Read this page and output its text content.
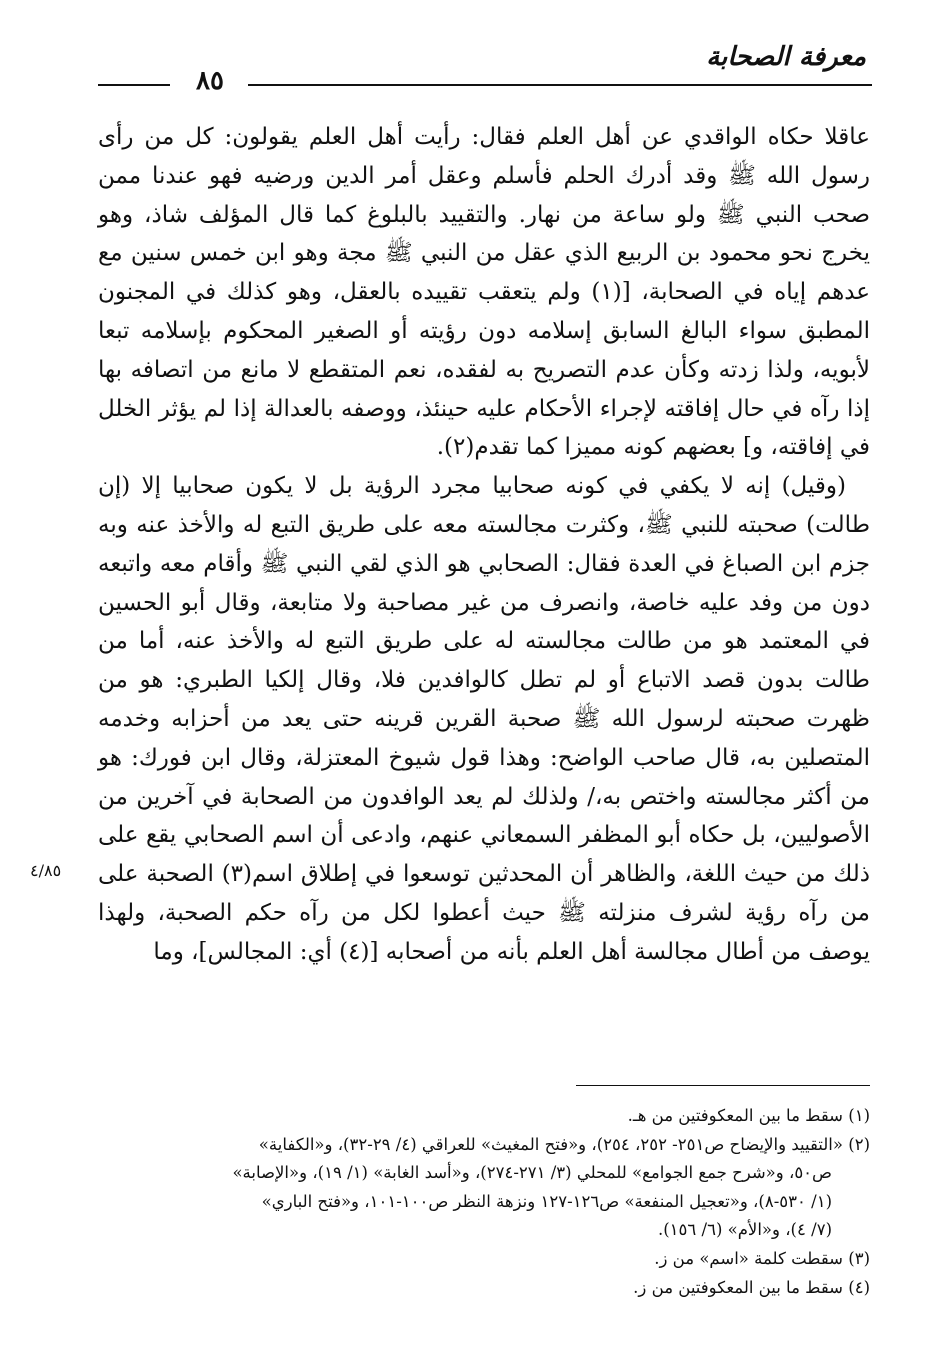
معرفة الصحابة
٨٥

عاقلا حكاه الواقدي عن أهل العلم فقال: رأيت أهل العلم يقولون: كل من رأى رسول الله ﷺ وقد أدرك الحلم فأسلم وعقل أمر الدين ورضيه فهو عندنا ممن صحب النبي ﷺ ولو ساعة من نهار. والتقييد بالبلوغ كما قال المؤلف شاذ، وهو يخرج نحو محمود بن الربيع الذي عقل من النبي ﷺ مجة وهو ابن خمس سنين مع عدهم إياه في الصحابة، [(١) ولم يتعقب تقييده بالعقل، وهو كذلك في المجنون المطبق سواء البالغ السابق إسلامه دون رؤيته أو الصغير المحكوم بإسلامه تبعا لأبويه، ولذا زدته وكأن عدم التصريح به لفقده، نعم المتقطع لا مانع من اتصافه بها إذا رآه في حال إفاقته لإجراء الأحكام عليه حينئذ، ووصفه بالعدالة إذا لم يؤثر الخلل في إفاقته، و] بعضهم كونه مميزا كما تقدم(٢).

(وقيل) إنه لا يكفي في كونه صحابيا مجرد الرؤية بل لا يكون صحابيا إلا (إن طالت) صحبته للنبي ﷺ، وكثرت مجالسته معه على طريق التبع له والأخذ عنه وبه جزم ابن الصباغ في العدة فقال: الصحابي هو الذي لقي النبي ﷺ وأقام معه واتبعه دون من وفد عليه خاصة، وانصرف من غير مصاحبة ولا متابعة، وقال أبو الحسين في المعتمد هو من طالت مجالسته له على طريق التبع له والأخذ عنه، أما من طالت بدون قصد الاتباع أو لم تطل كالوافدين فلا، وقال إلكيا الطبري: هو من ظهرت صحبته لرسول الله ﷺ صحبة القرين قرينه حتى يعد من أحزابه وخدمه المتصلين به، قال صاحب الواضح: وهذا قول شيوخ المعتزلة، وقال ابن فورك: هو من أكثر مجالسته واختص به،/ ولذلك لم يعد الوافدون من الصحابة في آخرين من الأصوليين، بل حكاه أبو المظفر السمعاني عنهم، وادعى أن اسم الصحابي يقع على ذلك من حيث اللغة، والظاهر أن المحدثين توسعوا في إطلاق اسم(٣) الصحبة على من رآه رؤية لشرف منزلته ﷺ حيث أعطوا لكل من رآه حكم الصحبة، ولهذا يوصف من أطال مجالسة أهل العلم بأنه من أصحابه [(٤) أي: المجالس]، وما

٤/٨٥
(١) سقط ما بين المعكوفتين من هـ.
(٢) «التقييد والإيضاح ص٢٥١- ٢٥٢، ٢٥٤)، و«فتح المغيث» للعراقي (٤/ ٢٩-٣٢)، و«الكفاية»
ص٥٠، و«شرح جمع الجوامع» للمحلي (٣/ ٢٧١-٢٧٤)، و«أسد الغابة» (١/ ١٩)، و«الإصابة»
(١/ ٥٣٠-٨)، و«تعجيل المنفعة» ص١٢٦-١٢٧ ونزهة النظر ص١٠٠-١٠١، و«فتح الباري»
(٧/ ٤)، و«الأم» (٦/ ١٥٦).
(٣) سقطت كلمة «اسم» من ز.
(٤) سقط ما بين المعكوفتين من ز.
